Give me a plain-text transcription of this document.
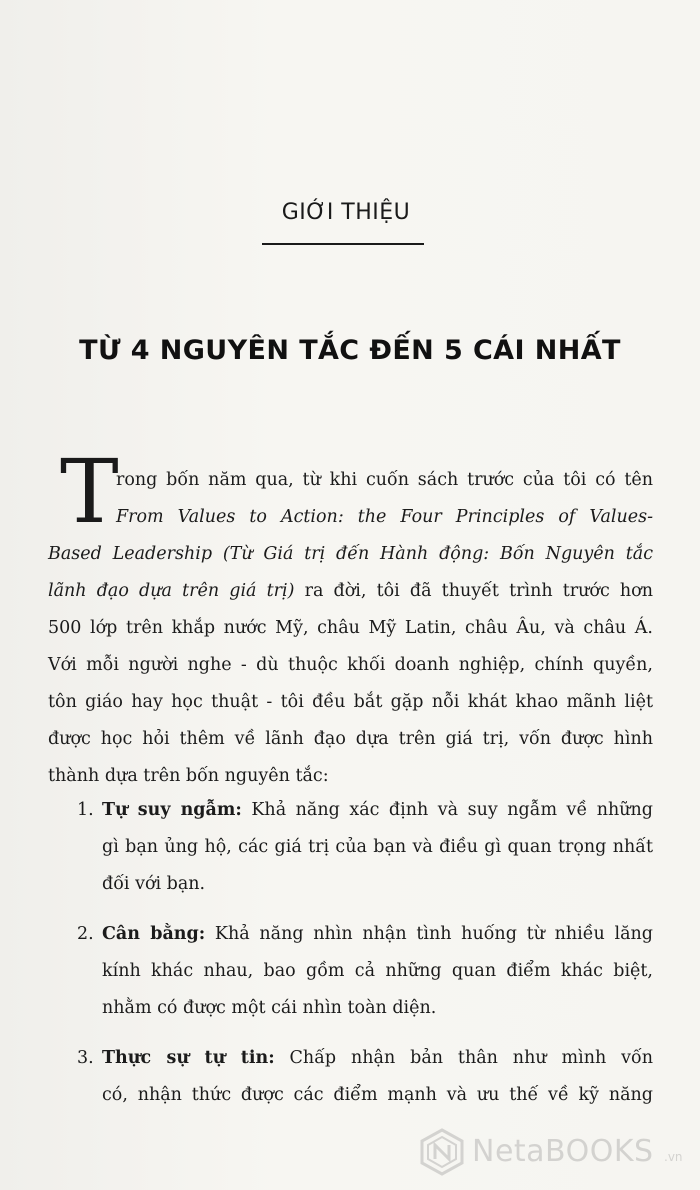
GIỚI THIỆU
TỪ 4 NGUYÊN TẮC ĐẾN 5 CÁI NHẤT
T
rong bốn năm qua, từ khi cuốn sách trước của tôi có tên
From Values to Action: the Four Principles of Values-
Based Leadership (Từ Giá trị đến Hành động: Bốn Nguyên tắc
lãnh đạo dựa trên giá trị) ra đời, tôi đã thuyết trình trước hơn
500 lớp trên khắp nước Mỹ, châu Mỹ Latin, châu Âu, và châu Á.
Với mỗi người nghe - dù thuộc khối doanh nghiệp, chính quyền,
tôn giáo hay học thuật - tôi đều bắt gặp nỗi khát khao mãnh liệt
được học hỏi thêm về lãnh đạo dựa trên giá trị, vốn được hình
thành dựa trên bốn nguyên tắc:
1. Tự suy ngẫm: Khả năng xác định và suy ngẫm về những
gì bạn ủng hộ, các giá trị của bạn và điều gì quan trọng nhất
đối với bạn.
2. Cân bằng: Khả năng nhìn nhận tình huống từ nhiều lăng
kính khác nhau, bao gồm cả những quan điểm khác biệt,
nhằm có được một cái nhìn toàn diện.
3. Thực sự tự tin: Chấp nhận bản thân như mình vốn
có, nhận thức được các điểm mạnh và ưu thế về kỹ năng
NetaBOOKS .vn
